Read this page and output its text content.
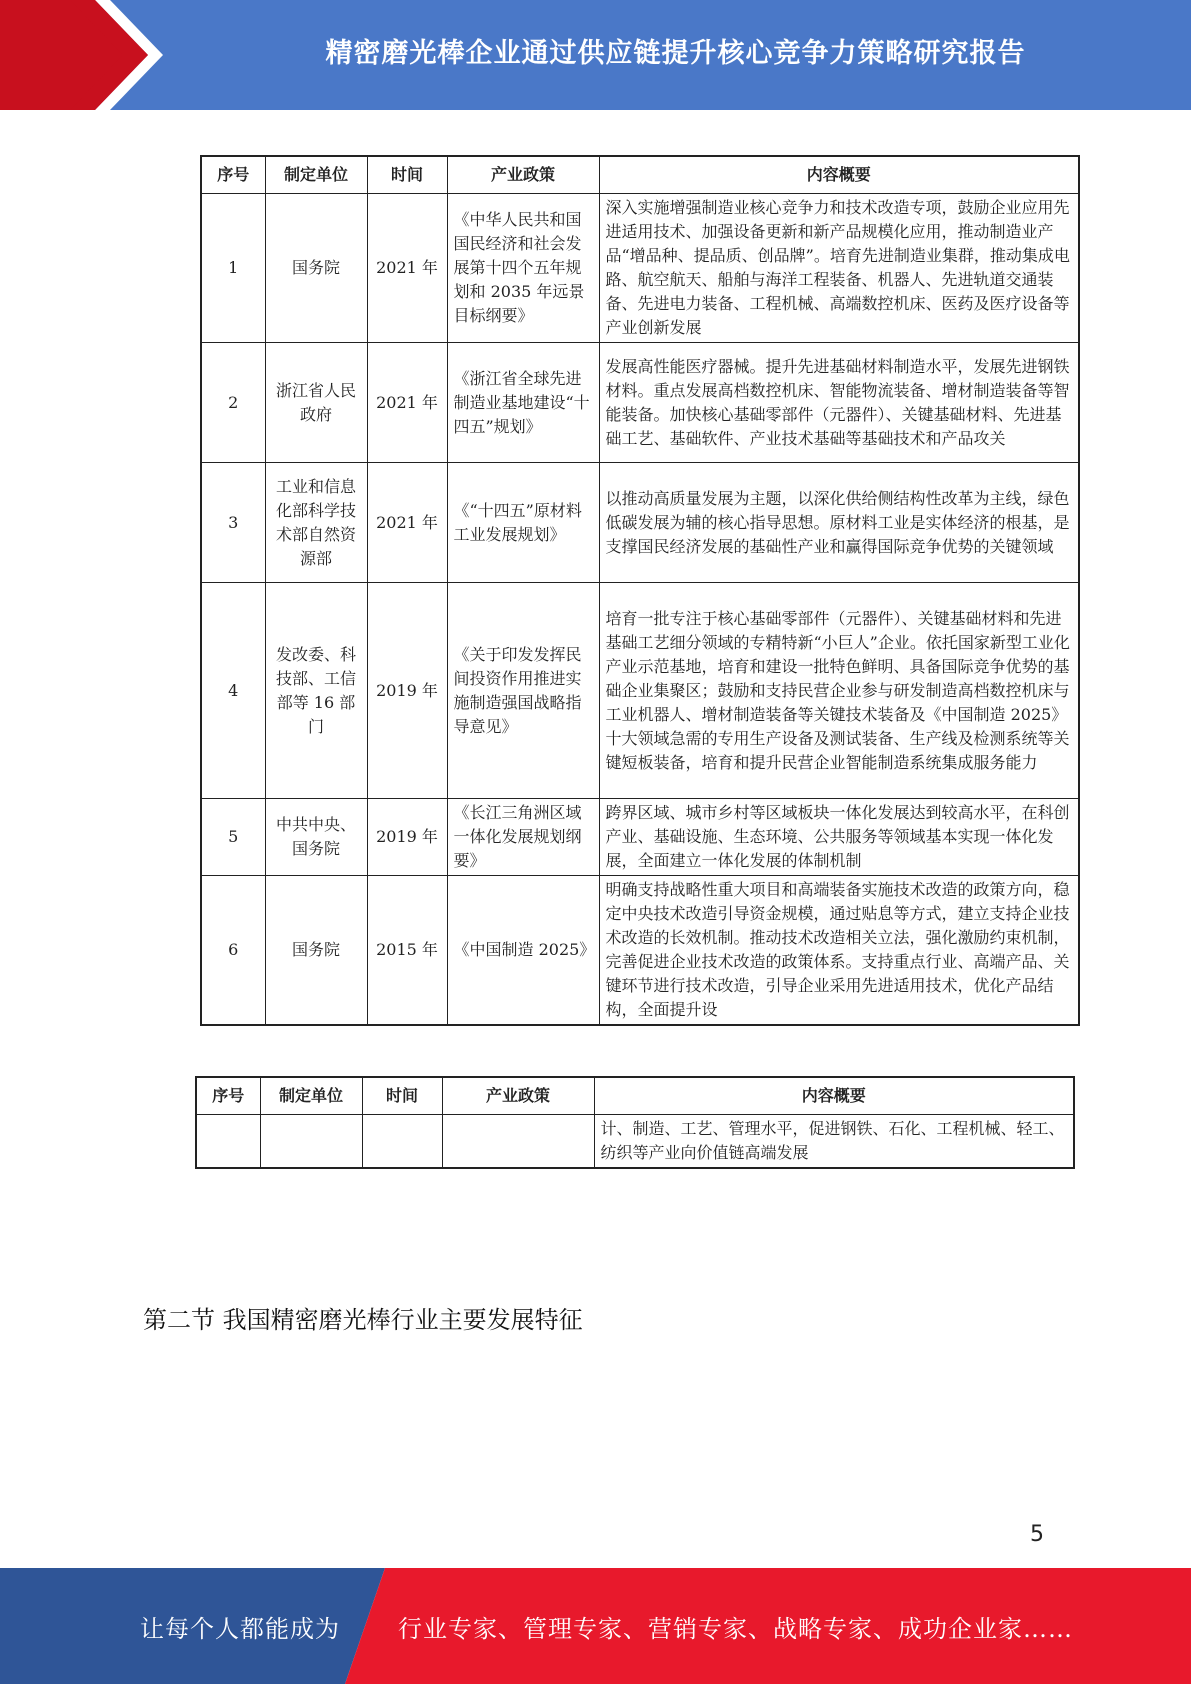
精密磨光棒企业通过供应链提升核心竞争力策略研究报告
序号	制定单位	时间	产业政策	内容概要
1	国务院	2021 年	《中华人民共和国国民经济和社会发展第十四个五年规划和 2035 年远景目标纲要》	深入实施增强制造业核心竞争力和技术改造专项，鼓励企业应用先进适用技术、加强设备更新和新产品规模化应用，推动制造业产品“增品种、提品质、创品牌”。培育先进制造业集群，推动集成电路、航空航天、船舶与海洋工程装备、机器人、先进轨道交通装备、先进电力装备、工程机械、高端数控机床、医药及医疗设备等产业创新发展
2	浙江省人民政府	2021 年	《浙江省全球先进制造业基地建设“十四五”规划》	发展高性能医疗器械。提升先进基础材料制造水平，发展先进钢铁材料。重点发展高档数控机床、智能物流装备、增材制造装备等智能装备。加快核心基础零部件（元器件）、关键基础材料、先进基础工艺、基础软件、产业技术基础等基础技术和产品攻关
3	工业和信息化部科学技术部自然资源部	2021 年	《“十四五”原材料工业发展规划》	以推动高质量发展为主题，以深化供给侧结构性改革为主线，绿色低碳发展为辅的核心指导思想。原材料工业是实体经济的根基，是支撑国民经济发展的基础性产业和赢得国际竞争优势的关键领域
4	发改委、科技部、工信部等 16 部门	2019 年	《关于印发发挥民间投资作用推进实施制造强国战略指导意见》	培育一批专注于核心基础零部件（元器件）、关键基础材料和先进基础工艺细分领域的专精特新“小巨人”企业。依托国家新型工业化产业示范基地，培育和建设一批特色鲜明、具备国际竞争优势的基础企业集聚区；鼓励和支持民营企业参与研发制造高档数控机床与工业机器人、增材制造装备等关键技术装备及《中国制造 2025》十大领域急需的专用生产设备及测试装备、生产线及检测系统等关键短板装备，培育和提升民营企业智能制造系统集成服务能力
5	中共中央、国务院	2019 年	《长江三角洲区域一体化发展规划纲要》	跨界区域、城市乡村等区域板块一体化发展达到较高水平，在科创产业、基础设施、生态环境、公共服务等领域基本实现一体化发展，全面建立一体化发展的体制机制
6	国务院	2015 年	《中国制造 2025》	明确支持战略性重大项目和高端装备实施技术改造的政策方向，稳定中央技术改造引导资金规模，通过贴息等方式，建立支持企业技术改造的长效机制。推动技术改造相关立法，强化激励约束机制，完善促进企业技术改造的政策体系。支持重点行业、高端产品、关键环节进行技术改造，引导企业采用先进适用技术，优化产品结构，全面提升设
序号	制定单位	时间	产业政策	内容概要
				计、制造、工艺、管理水平，促进钢铁、石化、工程机械、轻工、纺织等产业向价值链高端发展
第二节 我国精密磨光棒行业主要发展特征
5
让每个人都能成为 行业专家、管理专家、营销专家、战略专家、成功企业家……
